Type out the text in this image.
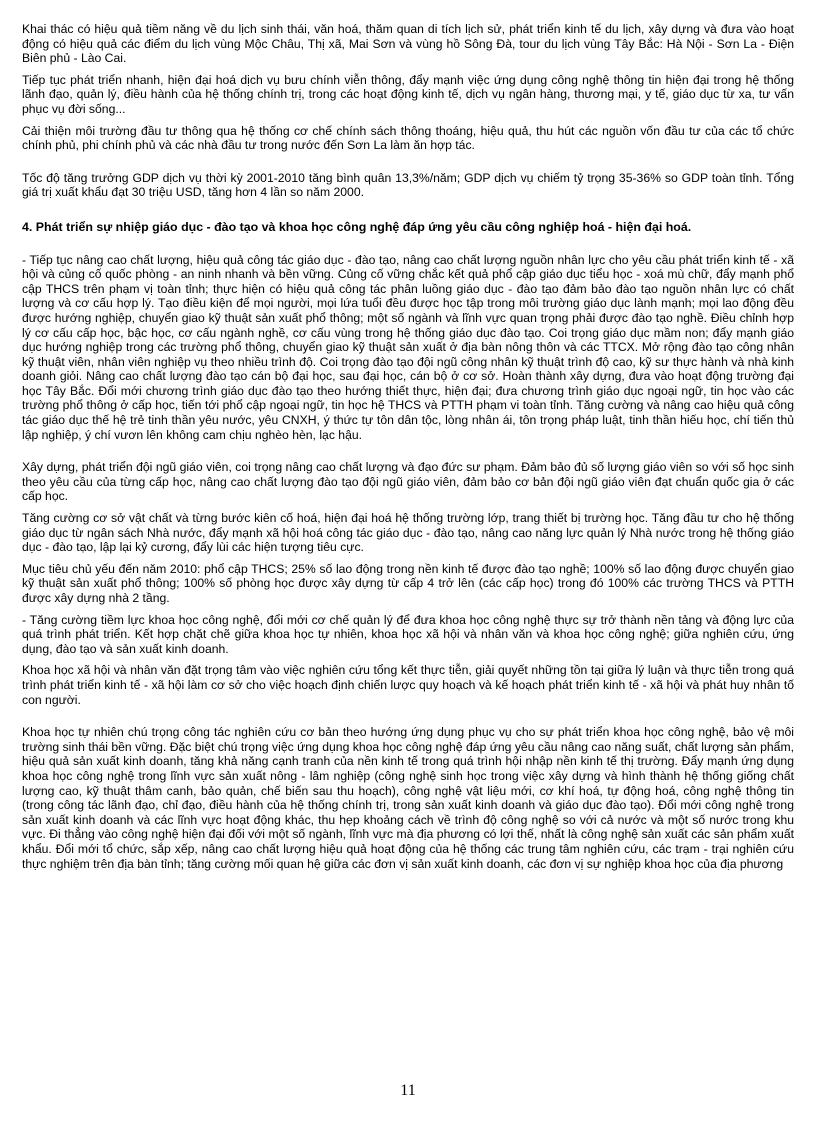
Khai thác có hiệu quả tiềm năng về du lịch sinh thái, văn hoá, thăm quan di tích lịch sử, phát triển kinh tế du lịch, xây dựng và đưa vào hoạt động có hiệu quả các điểm du lịch vùng Mộc Châu, Thị xã, Mai Sơn và vùng hồ Sông Đà, tour du lịch vùng Tây Bắc: Hà Nội - Sơn La - Điện Biên phủ - Lào Cai.

Tiếp tục phát triển nhanh, hiện đại hoá dịch vụ bưu chính viễn thông, đẩy mạnh việc ứng dụng công nghệ thông tin hiện đại trong hệ thống lãnh đạo, quản lý, điều hành của hệ thống chính trị, trong các hoạt động kinh tế, dịch vụ ngân hàng, thương mại, y tế, giáo dục từ xa, tư vấn phục vụ đời sống...

Cải thiện môi trường đầu tư thông qua hệ thống cơ chế chính sách thông thoáng, hiệu quả, thu hút các nguồn vốn đầu tư của các tổ chức chính phủ, phi chính phủ và các nhà đầu tư trong nước đến Sơn La làm ăn hợp tác.

Tốc độ tăng trưởng GDP dịch vụ thời kỳ 2001-2010 tăng bình quân 13,3%/năm; GDP dịch vụ chiếm tỷ trọng 35-36% so GDP toàn tỉnh. Tổng giá trị xuất khẩu đạt 30 triệu USD, tăng hơn 4 lần so năm 2000.

4. Phát triển sự nhiệp giáo dục - đào tạo và khoa học công nghệ đáp ứng yêu cầu công nghiệp hoá - hiện đại hoá.

- Tiếp tục nâng cao chất lượng, hiệu quả công tác giáo dục - đào tạo, nâng cao chất lượng nguồn nhân lực cho yêu cầu phát triển kinh tế - xã hội và củng cố quốc phòng - an ninh nhanh và bền vững. Củng cố vững chắc kết quả phổ cập giáo dục tiểu học - xoá mù chữ, đẩy mạnh phổ cập THCS trên phạm vị toàn tỉnh; thực hiện có hiệu quả công tác phân luồng giáo dục - đào tạo đảm bảo đào tạo nguồn nhân lực có chất lượng và cơ cấu hợp lý. Tạo điều kiện để mọi người, mọi lứa tuổi đều được học tập trong môi trường giáo dục lành mạnh; mọi lao động đều được hướng nghiệp, chuyển giao kỹ thuật sản xuất phổ thông; một số ngành và lĩnh vực quan trọng phải được đào tạo nghề. Điều chỉnh hợp lý cơ cấu cấp học, bậc học, cơ cấu ngành nghề, cơ cấu vùng trong hệ thống giáo dục đào tạo. Coi trọng giáo dục mầm non; đẩy mạnh giáo dục hướng nghiệp trong các trường phổ thông, chuyển giao kỹ thuật sản xuất ở địa bàn nông thôn và các TTCX. Mở rộng đào tạo công nhân kỹ thuật viên, nhân viên nghiệp vụ theo nhiều trình độ. Coi trọng đào tạo đội ngũ công nhân kỹ thuật trình độ cao, kỹ sư thực hành và nhà kinh doanh giỏi. Nâng cao chất lượng đào tạo cán bộ đại học, sau đại học, cán bộ ở cơ sở. Hoàn thành xây dựng, đưa vào hoạt động trường đại học Tây Bắc. Đổi mới chương trình giáo dục đào tạo theo hướng thiết thực, hiện đại; đưa chương trình giáo dục ngoại ngữ, tin học vào các trường phổ thông ở cấp học, tiến tới phổ cập ngoại ngữ, tin học hệ THCS và PTTH phạm vi toàn tỉnh. Tăng cường và nâng cao hiệu quả công tác giáo dục thế hệ trẻ tinh thần yêu nước, yêu CNXH, ý thức tự tôn dân tộc, lòng nhân ái, tôn trọng pháp luật, tinh thần hiếu học, chí tiến thủ lập nghiệp, ý chí vươn lên không cam chịu nghèo hèn, lạc hậu.

Xây dựng, phát triển đội ngũ giáo viên, coi trọng nâng cao chất lượng và đạo đức sư phạm. Đảm bảo đủ số lượng giáo viên so với số học sinh theo yêu cầu của từng cấp học, nâng cao chất lượng đào tạo đội ngũ giáo viên, đảm bảo cơ bản đội ngũ giáo viên đạt chuẩn quốc gia ở các cấp học.

Tăng cường cơ sở vật chất và từng bước kiên cố hoá, hiện đại hoá hệ thống trường lớp, trang thiết bị trường học. Tăng đầu tư cho hệ thống giáo dục từ ngân sách Nhà nước, đẩy mạnh xã hội hoá công tác giáo dục - đào tạo, nâng cao năng lực quản lý Nhà nước trong hệ thống giáo dục - đào tạo, lập lại kỷ cương, đẩy lùi các hiện tượng tiêu cực.

Mục tiêu chủ yếu đến năm 2010: phổ cập THCS; 25% số lao động trong nền kinh tế được đào tạo nghề; 100% số lao động được chuyển giao kỹ thuật sản xuất phổ thông; 100% số phòng học được xây dựng từ cấp 4 trở lên (các cấp học) trong đó 100% các trường THCS và PTTH được xây dựng nhà 2 tầng.

- Tăng cường tiềm lực khoa học công nghệ, đổi mới cơ chế quản lý để đưa khoa học công nghệ thực sự trở thành nền tảng và động lực của quá trình phát triển. Kết hợp chặt chẽ giữa khoa học tự nhiên, khoa học xã hội và nhân văn và khoa học công nghệ; giữa nghiên cứu, ứng dụng, đào tạo và sản xuất kinh doanh.

Khoa học xã hội và nhân văn đặt trọng tâm vào việc nghiên cứu tổng kết thực tiễn, giải quyết những tồn tại giữa lý luận và thực tiễn trong quá trình phát triển kinh tế - xã hội làm cơ sở cho việc hoạch định chiến lược quy hoạch và kế hoạch phát triển kinh tế - xã hội và phát huy nhân tố con người.

Khoa học tự nhiên chú trọng công tác nghiên cứu cơ bản theo hướng ứng dụng phục vụ cho sự phát triển khoa học công nghệ, bảo vệ môi trường sinh thái bền vững. Đặc biệt chú trọng việc ứng dụng khoa học công nghệ đáp ứng yêu cầu nâng cao năng suất, chất lượng sản phẩm, hiệu quả sản xuất kinh doanh, tăng khả năng cạnh tranh của nền kinh tế trong quá trình hội nhập nền kinh tế thị trường. Đẩy mạnh ứng dụng khoa học công nghệ trong lĩnh vực sản xuất nông - lâm nghiệp (công nghệ sinh học trong việc xây dựng và hình thành hệ thống giống chất lượng cao, kỹ thuật thâm canh, bảo quản, chế biến sau thu hoạch), công nghệ vật liệu mới, cơ khí hoá, tự động hoá, công nghệ thông tin (trong công tác lãnh đạo, chỉ đạo, điều hành của hệ thống chính trị, trong sản xuất kinh doanh và giáo dục đào tạo). Đổi mới công nghệ trong sản xuất kinh doanh và các lĩnh vực hoạt động khác, thu hẹp khoảng cách về trình độ công nghệ so với cả nước và một số nước trong khu vực. Đi thẳng vào công nghệ hiện đại đối với một số ngành, lĩnh vực mà địa phương có lợi thế, nhất là công nghệ sản xuất các sản phẩm xuất khẩu. Đổi mới tổ chức, sắp xếp, nâng cao chất lượng hiệu quả hoạt động của hệ thống các trung tâm nghiên cứu, các trạm - trại nghiên cứu thực nghiệm trên địa bàn tỉnh; tăng cường mối quan hệ giữa các đơn vị sản xuất kinh doanh, các đơn vị sự nghiệp khoa học của địa phương

11
